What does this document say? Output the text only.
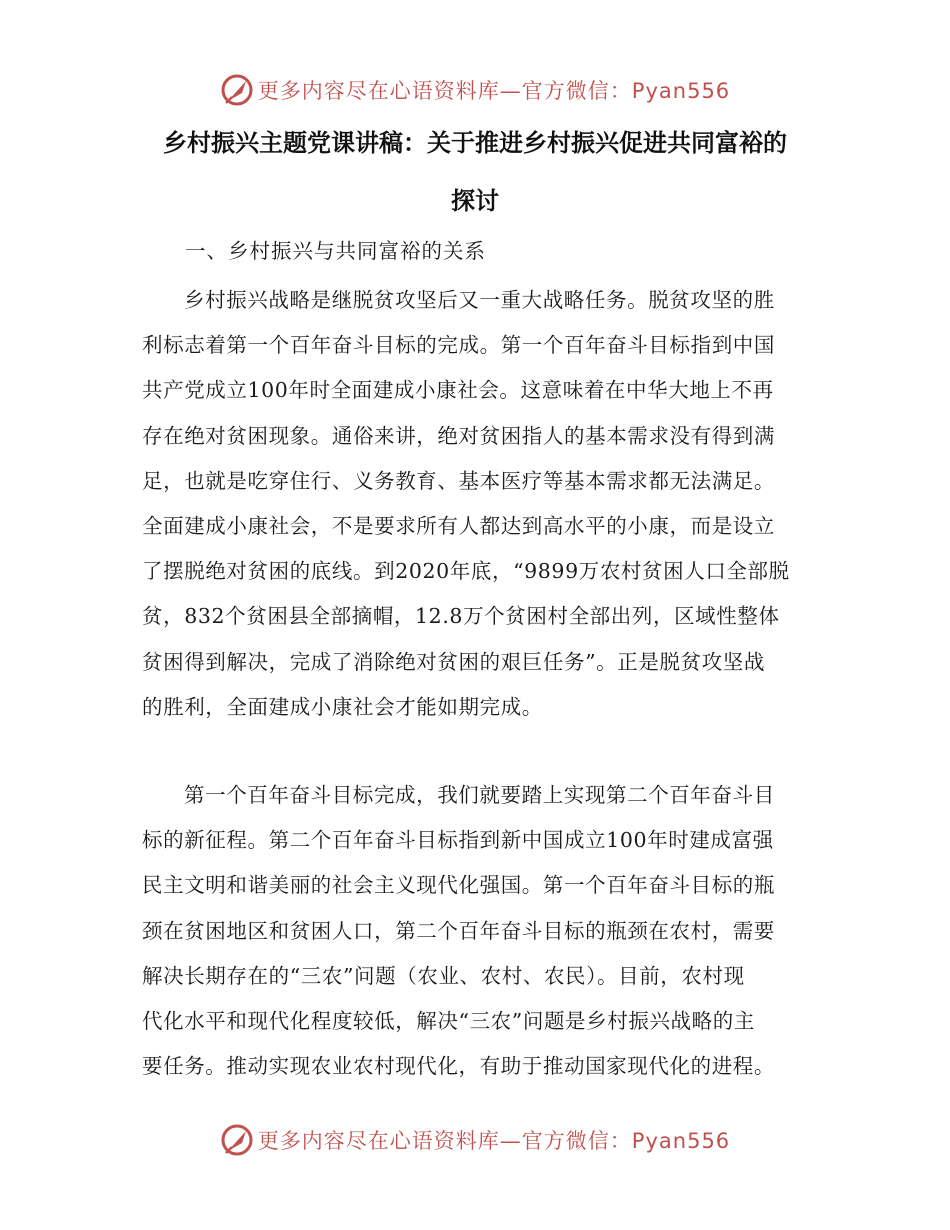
更多内容尽在心语资料库—官方微信：Pyan556
乡村振兴主题党课讲稿：关于推进乡村振兴促进共同富裕的
探讨

一、乡村振兴与共同富裕的关系

乡村振兴战略是继脱贫攻坚后又一重大战略任务。脱贫攻坚的胜
利标志着第一个百年奋斗目标的完成。第一个百年奋斗目标指到中国
共产党成立100年时全面建成小康社会。这意味着在中华大地上不再
存在绝对贫困现象。通俗来讲，绝对贫困指人的基本需求没有得到满
足，也就是吃穿住行、义务教育、基本医疗等基本需求都无法满足。
全面建成小康社会，不是要求所有人都达到高水平的小康，而是设立
了摆脱绝对贫困的底线。到2020年底，“9899万农村贫困人口全部脱
贫，832个贫困县全部摘帽，12.8万个贫困村全部出列，区域性整体
贫困得到解决，完成了消除绝对贫困的艰巨任务”。正是脱贫攻坚战
的胜利，全面建成小康社会才能如期完成。
第一个百年奋斗目标完成，我们就要踏上实现第二个百年奋斗目
标的新征程。第二个百年奋斗目标指到新中国成立100年时建成富强
民主文明和谐美丽的社会主义现代化强国。第一个百年奋斗目标的瓶
颈在贫困地区和贫困人口，第二个百年奋斗目标的瓶颈在农村，需要
解决长期存在的“三农”问题（农业、农村、农民）。目前，农村现
代化水平和现代化程度较低，解决“三农”问题是乡村振兴战略的主
要任务。推动实现农业农村现代化，有助于推动国家现代化的进程。
更多内容尽在心语资料库—官方微信：Pyan556
